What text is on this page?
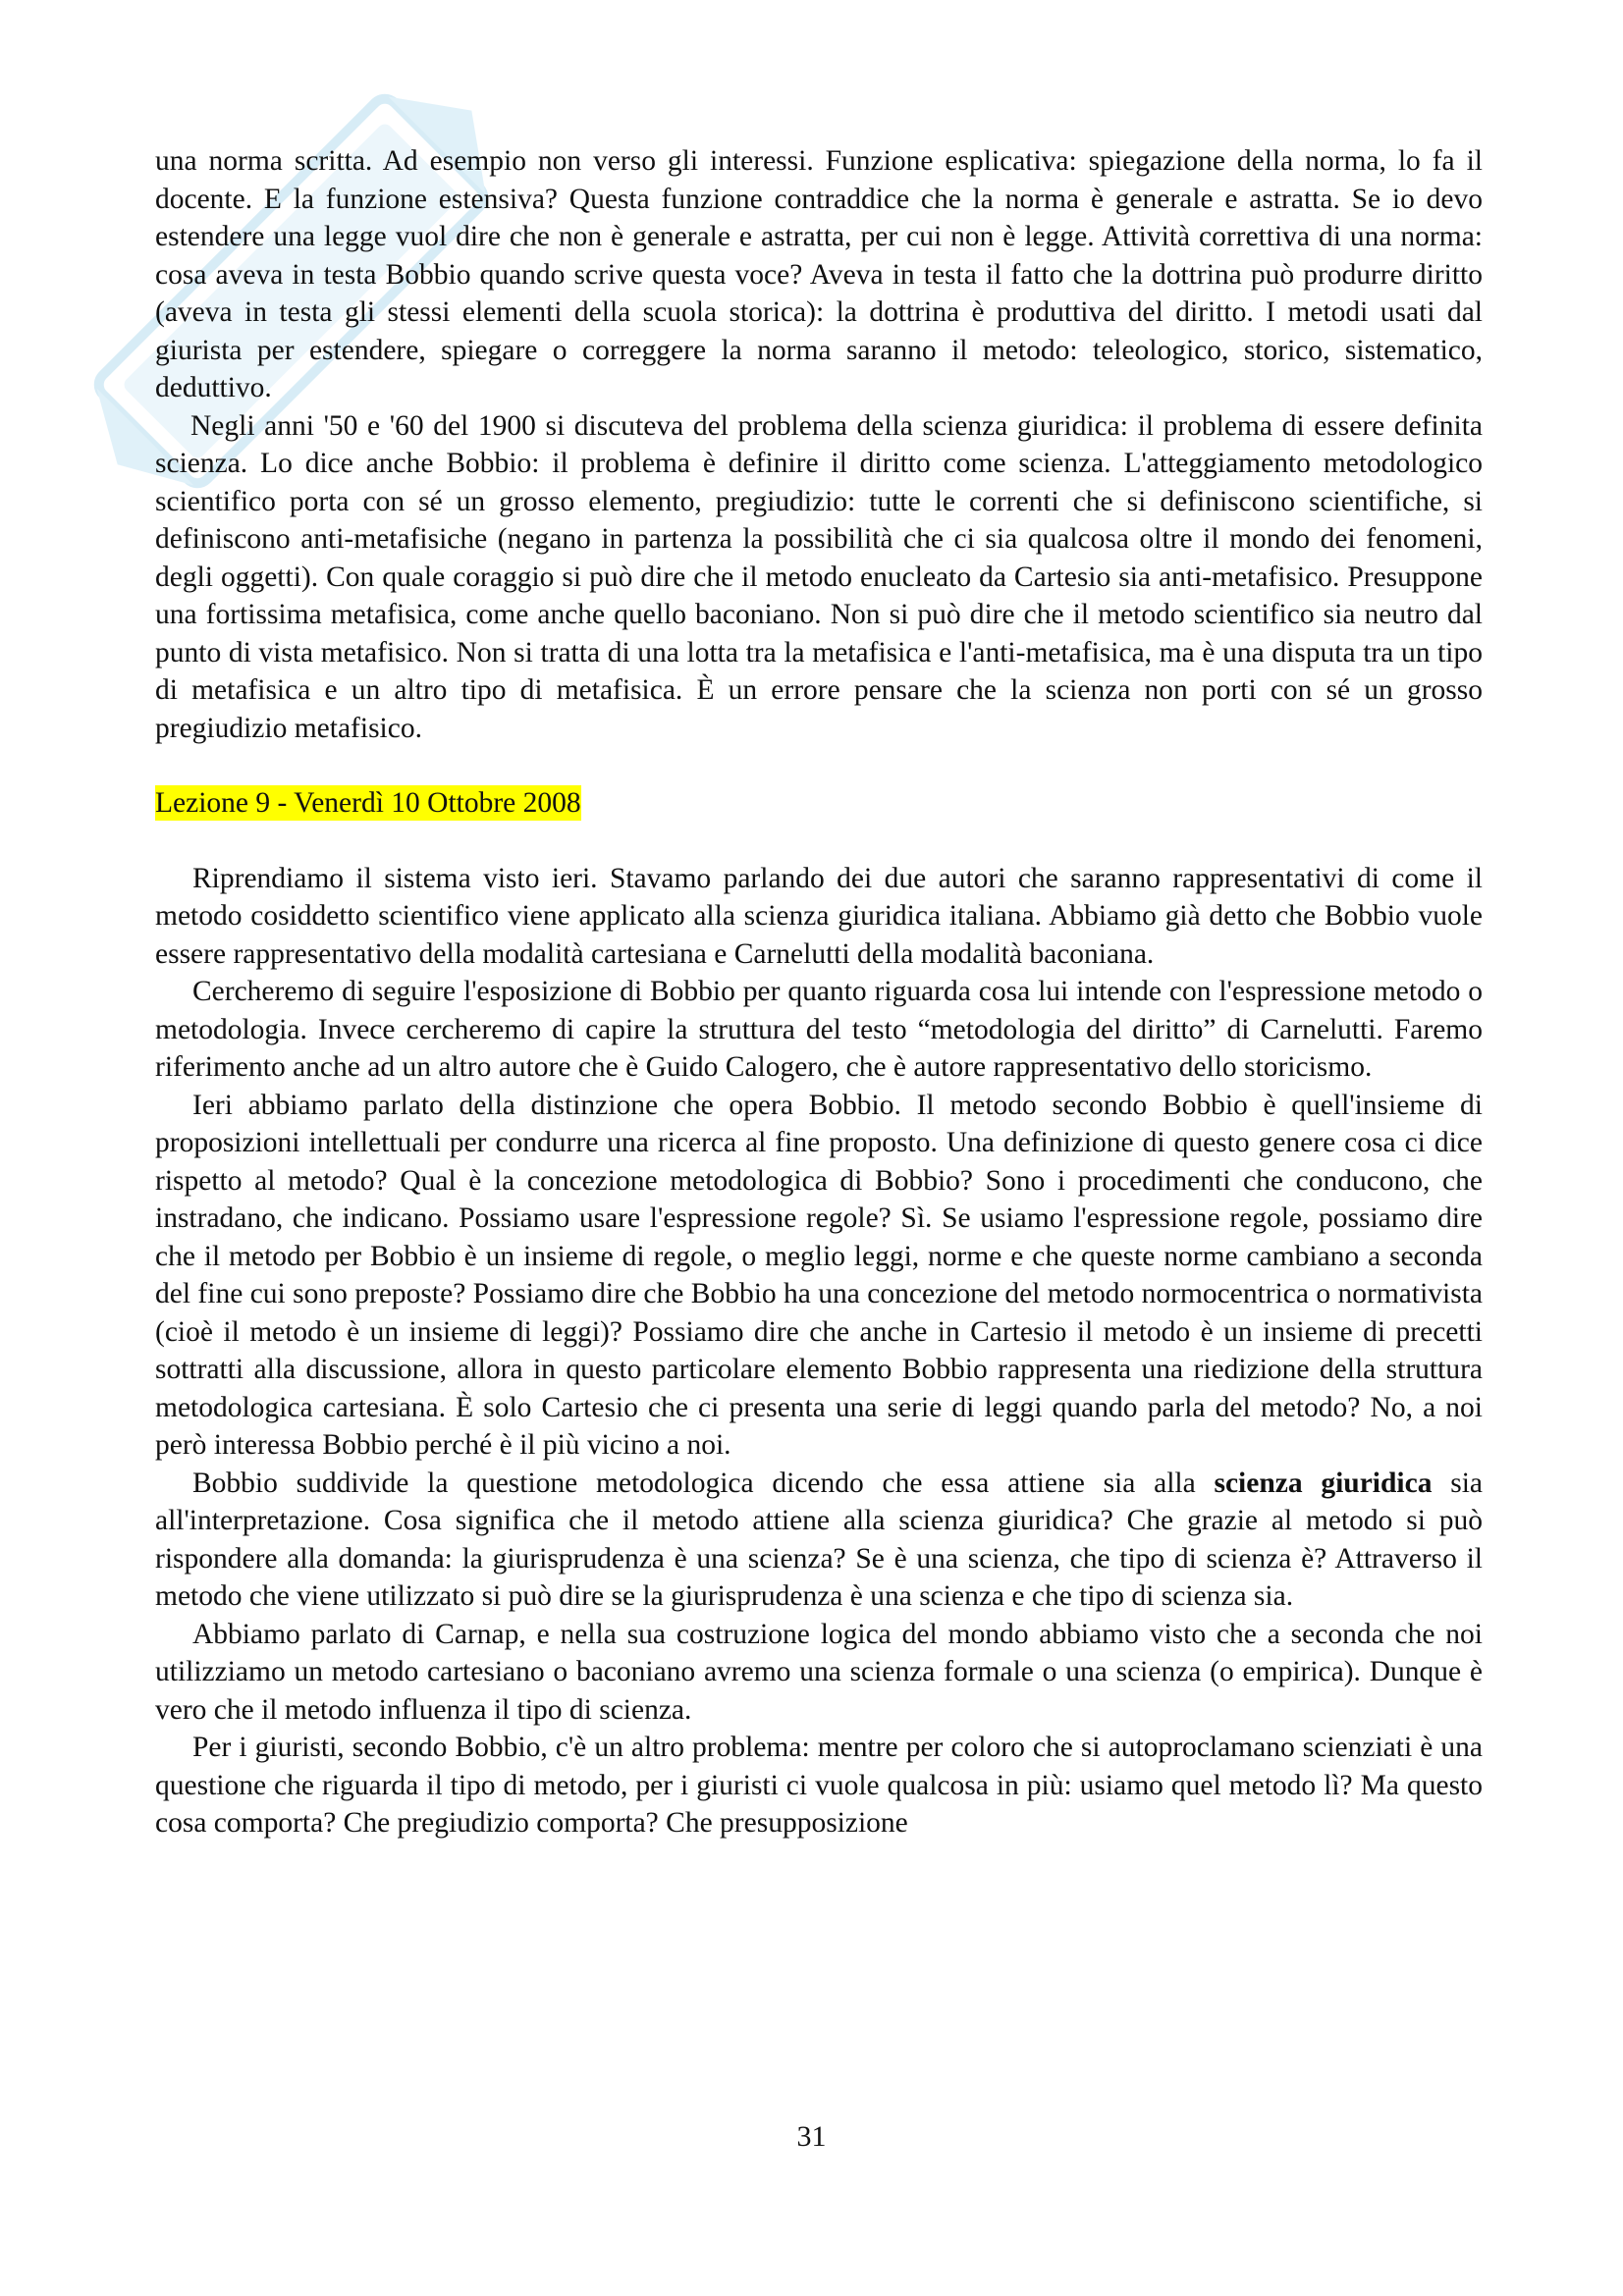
una norma scritta. Ad esempio non verso gli interessi. Funzione esplicativa: spiegazione della norma, lo fa il docente. E la funzione estensiva? Questa funzione contraddice che la norma è generale e astratta. Se io devo estendere una legge vuol dire che non è generale e astratta, per cui non è legge. Attività correttiva di una norma: cosa aveva in testa Bobbio quando scrive questa voce? Aveva in testa il fatto che la dottrina può produrre diritto (aveva in testa gli stessi elementi della scuola storica): la dottrina è produttiva del diritto. I metodi usati dal giurista per estendere, spiegare o correggere la norma saranno il metodo: teleologico, storico, sistematico, deduttivo.

Negli anni '50 e '60 del 1900 si discuteva del problema della scienza giuridica: il problema di essere definita scienza. Lo dice anche Bobbio: il problema è definire il diritto come scienza. L'atteggiamento metodologico scientifico porta con sé un grosso elemento, pregiudizio: tutte le correnti che si definiscono scientifiche, si definiscono anti-metafisiche (negano in partenza la possibilità che ci sia qualcosa oltre il mondo dei fenomeni, degli oggetti). Con quale coraggio si può dire che il metodo enucleato da Cartesio sia anti-metafisico. Presuppone una fortissima metafisica, come anche quello baconiano. Non si può dire che il metodo scientifico sia neutro dal punto di vista metafisico. Non si tratta di una lotta tra la metafisica e l'anti-metafisica, ma è una disputa tra un tipo di metafisica e un altro tipo di metafisica. È un errore pensare che la scienza non porti con sé un grosso pregiudizio metafisico.

Lezione 9 - Venerdì 10 Ottobre 2008

Riprendiamo il sistema visto ieri. Stavamo parlando dei due autori che saranno rappresentativi di come il metodo cosiddetto scientifico viene applicato alla scienza giuridica italiana. Abbiamo già detto che Bobbio vuole essere rappresentativo della modalità cartesiana e Carnelutti della modalità baconiana.

Cercheremo di seguire l'esposizione di Bobbio per quanto riguarda cosa lui intende con l'espressione metodo o metodologia. Invece cercheremo di capire la struttura del testo “metodologia del diritto” di Carnelutti. Faremo riferimento anche ad un altro autore che è Guido Calogero, che è autore rappresentativo dello storicismo.

Ieri abbiamo parlato della distinzione che opera Bobbio. Il metodo secondo Bobbio è quell'insieme di proposizioni intellettuali per condurre una ricerca al fine proposto. Una definizione di questo genere cosa ci dice rispetto al metodo? Qual è la concezione metodologica di Bobbio? Sono i procedimenti che conducono, che instradano, che indicano. Possiamo usare l'espressione regole? Sì. Se usiamo l'espressione regole, possiamo dire che il metodo per Bobbio è un insieme di regole, o meglio leggi, norme e che queste norme cambiano a seconda del fine cui sono preposte? Possiamo dire che Bobbio ha una concezione del metodo normocentrica o normativista (cioè il metodo è un insieme di leggi)? Possiamo dire che anche in Cartesio il metodo è un insieme di precetti sottratti alla discussione, allora in questo particolare elemento Bobbio rappresenta una riedizione della struttura metodologica cartesiana. È solo Cartesio che ci presenta una serie di leggi quando parla del metodo? No, a noi però interessa Bobbio perché è il più vicino a noi.

Bobbio suddivide la questione metodologica dicendo che essa attiene sia alla scienza giuridica sia all'interpretazione. Cosa significa che il metodo attiene alla scienza giuridica? Che grazie al metodo si può rispondere alla domanda: la giurisprudenza è una scienza? Se è una scienza, che tipo di scienza è? Attraverso il metodo che viene utilizzato si può dire se la giurisprudenza è una scienza e che tipo di scienza sia.

Abbiamo parlato di Carnap, e nella sua costruzione logica del mondo abbiamo visto che a seconda che noi utilizziamo un metodo cartesiano o baconiano avremo una scienza formale o una scienza (o empirica). Dunque è vero che il metodo influenza il tipo di scienza.

Per i giuristi, secondo Bobbio, c'è un altro problema: mentre per coloro che si autoproclamano scienziati è una questione che riguarda il tipo di metodo, per i giuristi ci vuole qualcosa in più: usiamo quel metodo lì? Ma questo cosa comporta? Che pregiudizio comporta? Che presupposizione

31
